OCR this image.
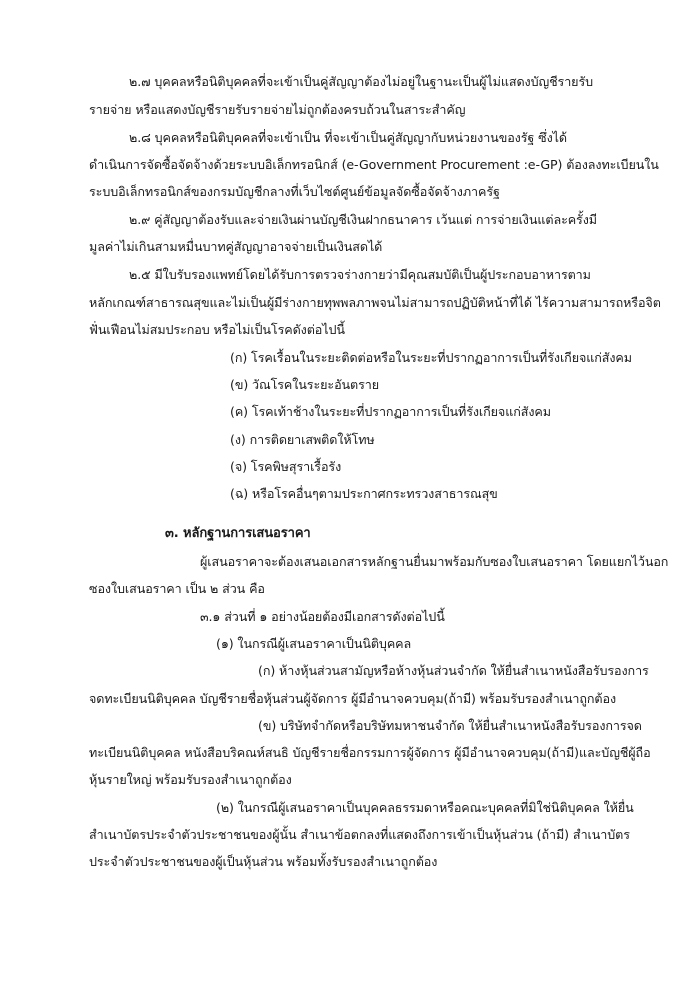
๒.๗ บุคคลหรือนิติบุคคลที่จะเข้าเป็นคู่สัญญาต้องไม่อยู่ในฐานะเป็นผู้ไม่แสดงบัญชีรายรับ
รายจ่าย หรือแสดงบัญชีรายรับรายจ่ายไม่ถูกต้องครบถ้วนในสาระสำคัญ
๒.๘ บุคคลหรือนิติบุคคลที่จะเข้าเป็น ที่จะเข้าเป็นคู่สัญญากับหน่วยงานของรัฐ ซึ่งได้
ดำเนินการจัดซื้อจัดจ้างด้วยระบบอิเล็กทรอนิกส์ (e-Government Procurement :e-GP) ต้องลงทะเบียนใน
ระบบอิเล็กทรอนิกส์ของกรมบัญชีกลางที่เว็บไซต์ศูนย์ข้อมูลจัดซื้อจัดจ้างภาครัฐ
๒.๙ คู่สัญญาต้องรับและจ่ายเงินผ่านบัญชีเงินฝากธนาคาร เว้นแต่ การจ่ายเงินแต่ละครั้งมี
มูลค่าไม่เกินสามหมื่นบาทคู่สัญญาอาจจ่ายเป็นเงินสดได้
๒.๕ มีใบรับรองแพทย์โดยได้รับการตรวจร่างกายว่ามีคุณสมบัติเป็นผู้ประกอบอาหารตาม
หลักเกณฑ์สาธารณสุขและไม่เป็นผู้มีร่างกายทุพพลภาพจนไม่สามารถปฏิบัติหน้าที่ได้ ไร้ความสามารถหรือจิต
ฟั่นเฟือนไม่สมประกอบ หรือไม่เป็นโรคดังต่อไปนี้
(ก) โรคเรื้อนในระยะติดต่อหรือในระยะที่ปรากฏอาการเป็นที่รังเกียจแก่สังคม
(ข) วัณโรคในระยะอันตราย
(ค) โรคเท้าช้างในระยะที่ปรากฏอาการเป็นที่รังเกียจแก่สังคม
(ง) การติดยาเสพติดให้โทษ
(จ) โรคพิษสุราเรื้อรัง
(ฉ) หรือโรคอื่นๆตามประกาศกระทรวงสาธารณสุข
๓. หลักฐานการเสนอราคา
ผู้เสนอราคาจะต้องเสนอเอกสารหลักฐานยื่นมาพร้อมกับซองใบเสนอราคา โดยแยกไว้นอก
ซองใบเสนอราคา เป็น ๒ ส่วน คือ
๓.๑ ส่วนที่ ๑ อย่างน้อยต้องมีเอกสารดังต่อไปนี้
(๑) ในกรณีผู้เสนอราคาเป็นนิติบุคคล
(ก) ห้างหุ้นส่วนสามัญหรือห้างหุ้นส่วนจำกัด ให้ยื่นสำเนาหนังสือรับรองการ
จดทะเบียนนิติบุคคล บัญชีรายชื่อหุ้นส่วนผู้จัดการ ผู้มีอำนาจควบคุม(ถ้ามี) พร้อมรับรองสำเนาถูกต้อง
(ข) บริษัทจำกัดหรือบริษัทมหาชนจำกัด ให้ยื่นสำเนาหนังสือรับรองการจด
ทะเบียนนิติบุคคล หนังสือบริคณห์สนธิ บัญชีรายชื่อกรรมการผู้จัดการ ผู้มีอำนาจควบคุม(ถ้ามี)และบัญชีผู้ถือ
หุ้นรายใหญ่ พร้อมรับรองสำเนาถูกต้อง
(๒) ในกรณีผู้เสนอราคาเป็นบุคคลธรรมดาหรือคณะบุคคลที่มิใช่นิติบุคคล ให้ยื่น
สำเนาบัตรประจำตัวประชาชนของผู้นั้น สำเนาข้อตกลงที่แสดงถึงการเข้าเป็นหุ้นส่วน (ถ้ามี) สำเนาบัตร
ประจำตัวประชาชนของผู้เป็นหุ้นส่วน พร้อมทั้งรับรองสำเนาถูกต้อง
